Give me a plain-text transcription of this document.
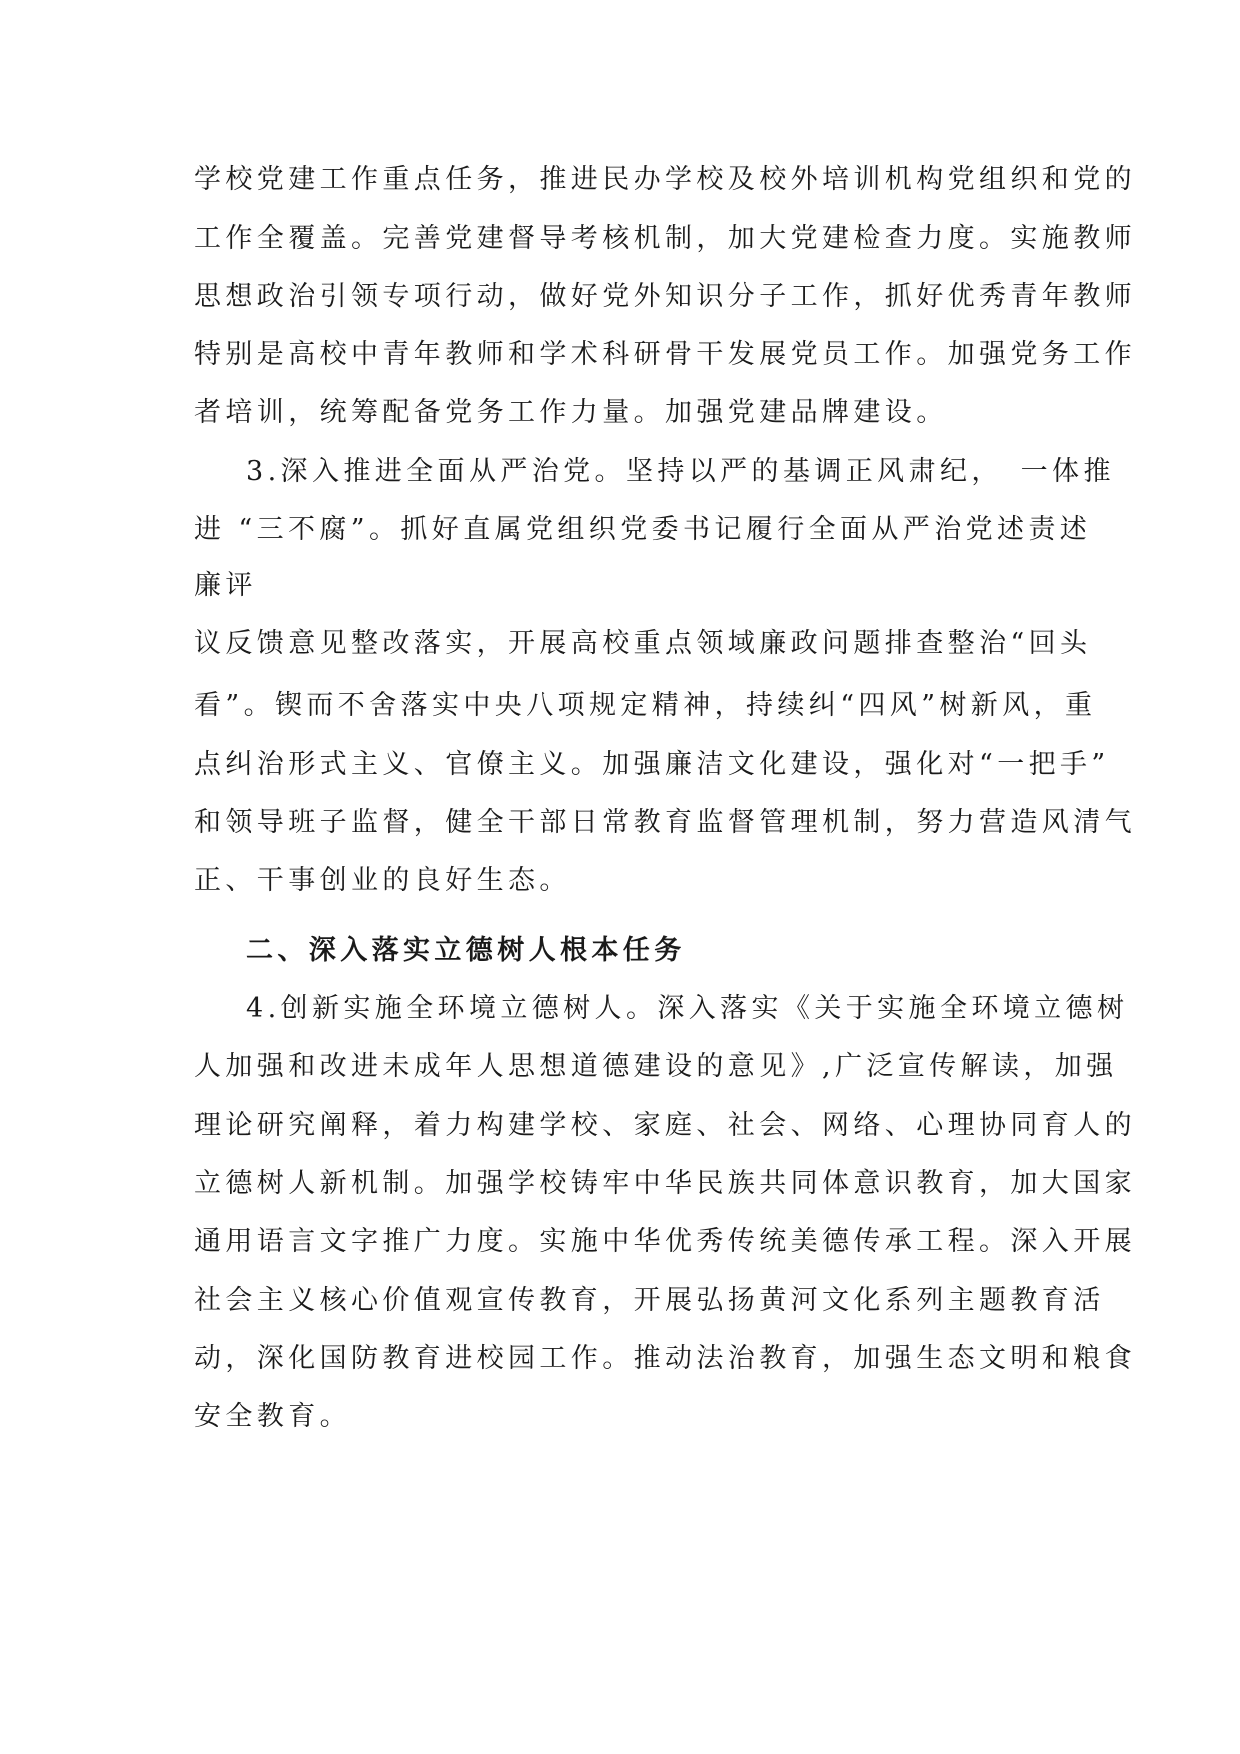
学校党建工作重点任务，推进民办学校及校外培训机构党组织和党的
工作全覆盖。完善党建督导考核机制，加大党建检查力度。实施教师
思想政治引领专项行动，做好党外知识分子工作，抓好优秀青年教师
特别是高校中青年教师和学术科研骨干发展党员工作。加强党务工作
者培训，统筹配备党务工作力量。加强党建品牌建设。
3.深入推进全面从严治党。坚持以严的基调正风肃纪，　一体推
进 “三不腐”。抓好直属党组织党委书记履行全面从严治党述责述
廉评
议反馈意见整改落实，开展高校重点领域廉政问题排查整治“回头
看”。锲而不舍落实中央八项规定精神，持续纠“四风”树新风，重
点纠治形式主义、官僚主义。加强廉洁文化建设，强化对“一把手”
和领导班子监督，健全干部日常教育监督管理机制，努力营造风清气
正、干事创业的良好生态。
二、深入落实立德树人根本任务
4.创新实施全环境立德树人。深入落实《关于实施全环境立德树
人加强和改进未成年人思想道德建设的意见》,广泛宣传解读，加强
理论研究阐释，着力构建学校、家庭、社会、网络、心理协同育人的
立德树人新机制。加强学校铸牢中华民族共同体意识教育，加大国家
通用语言文字推广力度。实施中华优秀传统美德传承工程。深入开展
社会主义核心价值观宣传教育，开展弘扬黄河文化系列主题教育活
动，深化国防教育进校园工作。推动法治教育，加强生态文明和粮食
安全教育。
